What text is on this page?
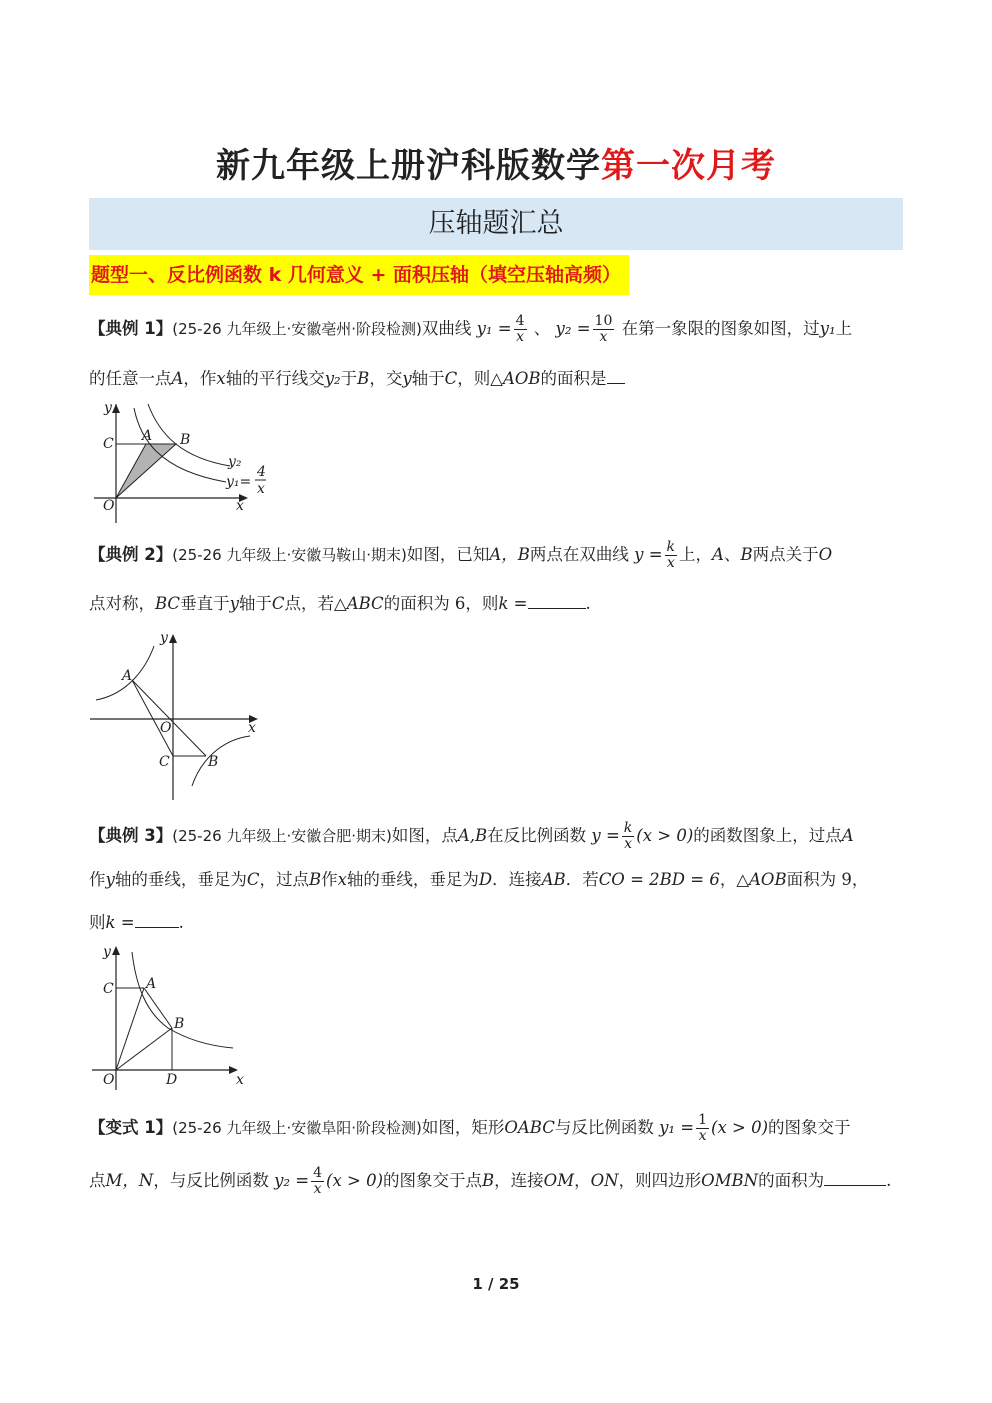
新九年级上册沪科版数学第一次月考
压轴题汇总
题型一、反比例函数 k 几何意义 + 面积压轴（填空压轴高频）
【典例 1】(25-26 九年级上·安徽亳州·阶段检测)双曲线 $y_1 = \frac{4}{x}$ 、 $y_2 = \frac{10}{x}$ 在第一象限的图象如图，过y₁上
的任意一点A，作x轴的平行线交y₂于B，交y轴于C，则△AOB的面积是
y
C A B
y₂
y₁=
4
x
O	x
【典例 2】(25-26 九年级上·安徽马鞍山·期末)如图，已知A，B两点在双曲线 $y = \frac{k}{x}$ 上，A、B两点关于O
点对称，BC垂直于y轴于C点，若△ABC的面积为 6，则k =	.
y
A
O	x
C	B
【典例 3】(25-26 九年级上·安徽合肥·期末)如图，点A,B在反比例函数 $y = \frac{k}{x} (x > 0)$的函数图象上，过点A
作y轴的垂线，垂足为C，过点B作x轴的垂线，垂足为D．连接AB．若CO = 2BD = 6，△AOB面积为 9，
则k =	.
y
C A
B
O	D	x
【变式 1】(25-26 九年级上·安徽阜阳·阶段检测)如图，矩形OABC与反比例函数 $y_1 = \frac{1}{x} (x > 0)$的图象交于
点M，N，与反比例函数 $y_2 = \frac{4}{x} (x > 0)$的图象交于点B，连接OM，ON，则四边形OMBN的面积为	.
1 / 25
